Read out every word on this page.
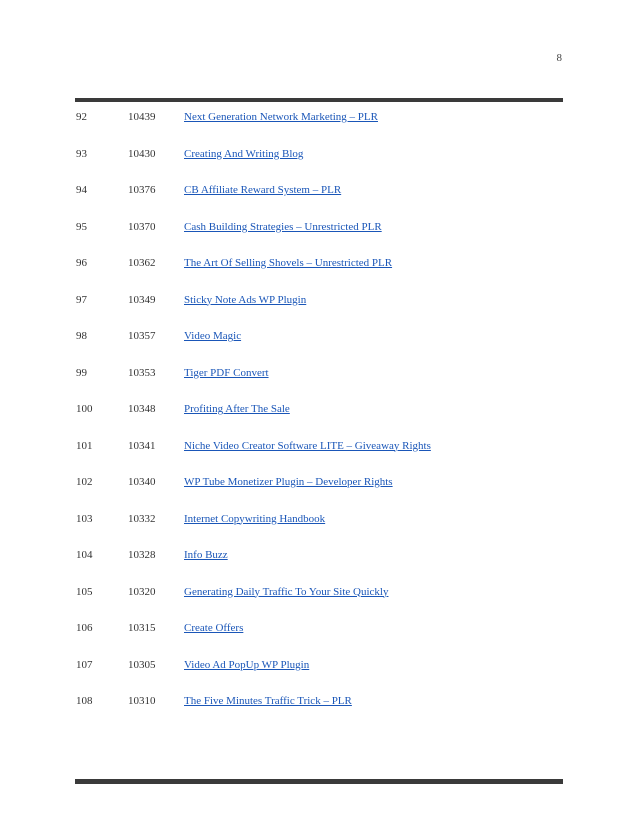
8
92	10439	Next Generation Network Marketing – PLR
93	10430	Creating And Writing Blog
94	10376	CB Affiliate Reward System – PLR
95	10370	Cash Building Strategies – Unrestricted PLR
96	10362	The Art Of Selling Shovels – Unrestricted PLR
97	10349	Sticky Note Ads WP Plugin
98	10357	Video Magic
99	10353	Tiger PDF Convert
100	10348	Profiting After The Sale
101	10341	Niche Video Creator Software LITE – Giveaway Rights
102	10340	WP Tube Monetizer Plugin – Developer Rights
103	10332	Internet Copywriting Handbook
104	10328	Info Buzz
105	10320	Generating Daily Traffic To Your Site Quickly
106	10315	Create Offers
107	10305	Video Ad PopUp WP Plugin
108	10310	The Five Minutes Traffic Trick – PLR
